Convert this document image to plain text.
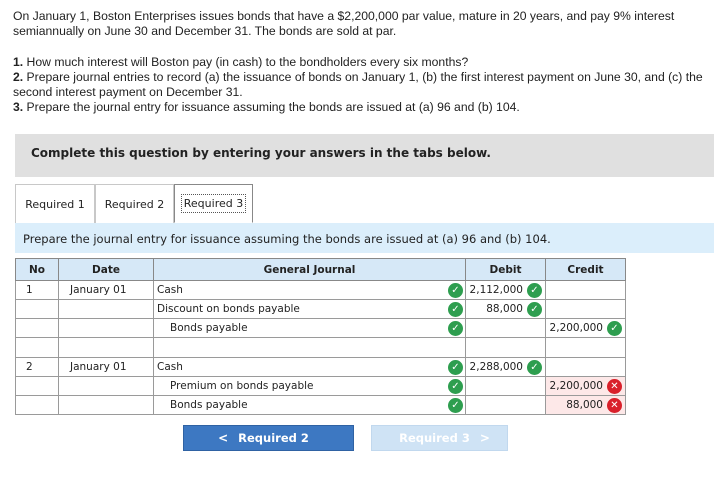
On January 1, Boston Enterprises issues bonds that have a $2,200,000 par value, mature in 20 years, and pay 9% interest semiannually on June 30 and December 31. The bonds are sold at par.
1. How much interest will Boston pay (in cash) to the bondholders every six months?
2. Prepare journal entries to record (a) the issuance of bonds on January 1, (b) the first interest payment on June 30, and (c) the second interest payment on December 31.
3. Prepare the journal entry for issuance assuming the bonds are issued at (a) 96 and (b) 104.
Complete this question by entering your answers in the tabs below.
Required 1 Required 2 Required 3
Prepare the journal entry for issuance assuming the bonds are issued at (a) 96 and (b) 104.
No	Date	General Journal	Debit	Credit
1	January 01	Cash ✓	2,112,000 ✓	

		Discount on bonds payable ✓	88,000 ✓	

		Bonds payable ✓		2,200,000 ✓

2	January 01	Cash ✓	2,288,000 ✓	

		Premium on bonds payable ✓		2,200,000 ✕

		Bonds payable ✓		88,000 ✕
< Required 2	Required 3 >
